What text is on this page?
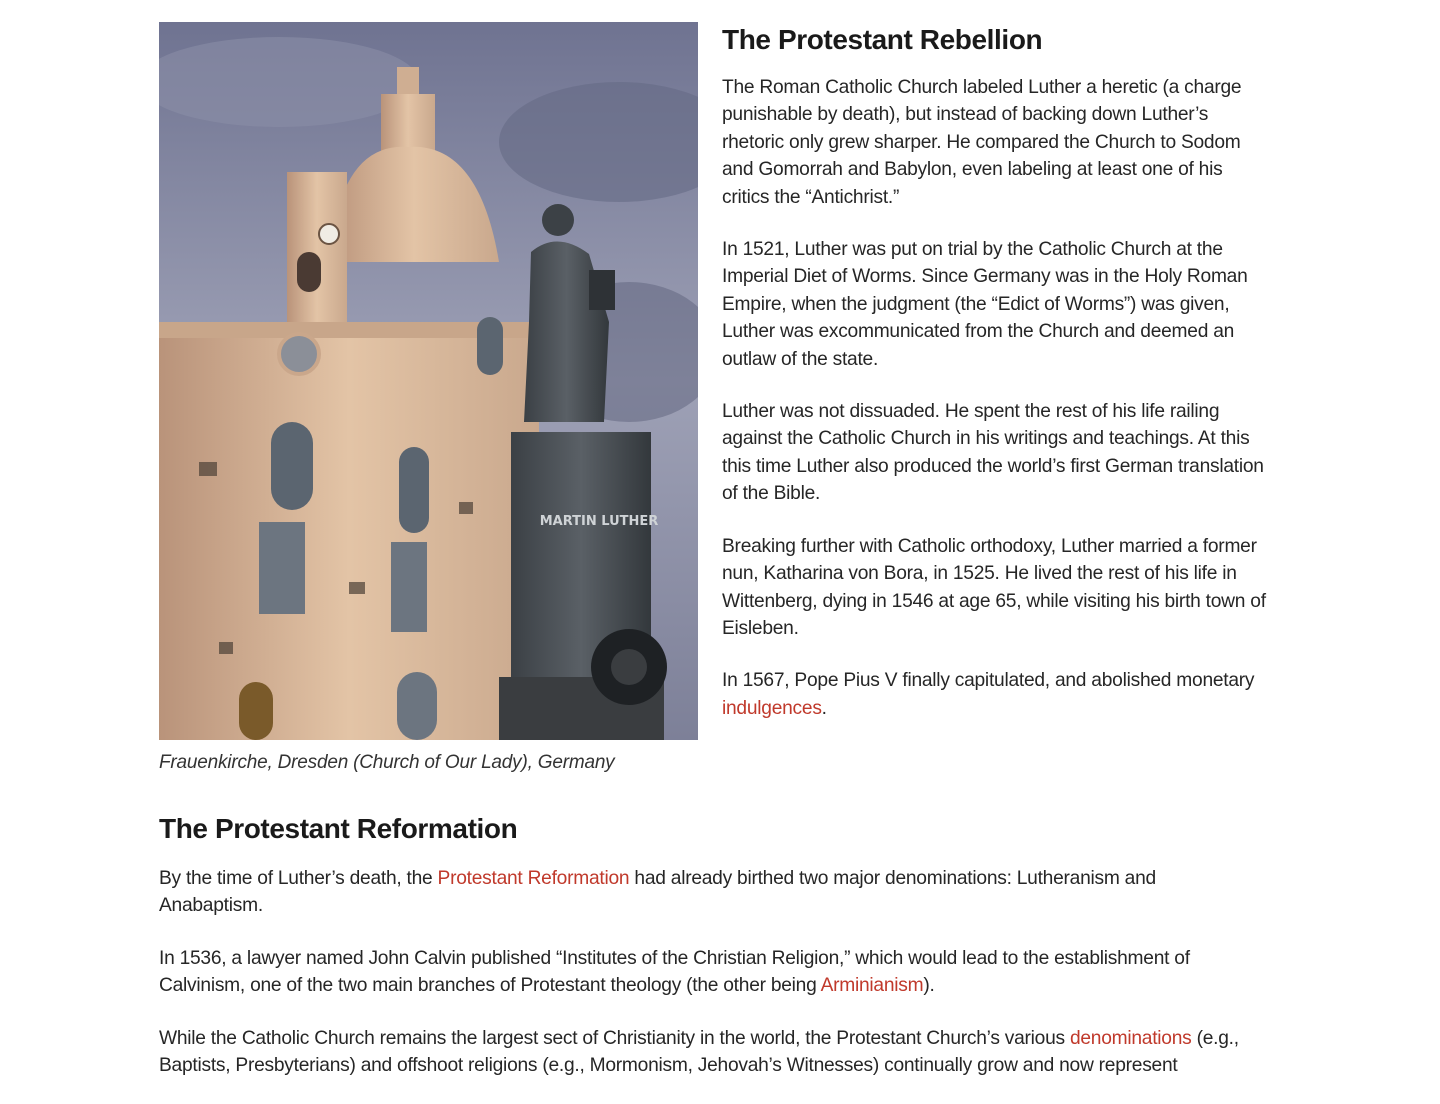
MARTIN LUTHER
Frauenkirche, Dresden (Church of Our Lady), Germany
The Protestant Rebellion

The Roman Catholic Church labeled Luther a heretic (a charge punishable by death), but instead of backing down Luther’s rhetoric only grew sharper. He compared the Church to Sodom and Gomorrah and Babylon, even labeling at least one of his critics the “Antichrist.”

In 1521, Luther was put on trial by the Catholic Church at the Imperial Diet of Worms. Since Germany was in the Holy Roman Empire, when the judgment (the “Edict of Worms”) was given, Luther was excommunicated from the Church and deemed an outlaw of the state.

Luther was not dissuaded. He spent the rest of his life railing against the Catholic Church in his writings and teachings. At this this time Luther also produced the world’s first German translation of the Bible.

Breaking further with Catholic orthodoxy, Luther married a former nun, Katharina von Bora, in 1525. He lived the rest of his life in Wittenberg, dying in 1546 at age 65, while visiting his birth town of Eisleben.

In 1567, Pope Pius V finally capitulated, and abolished monetary indulgences.

The Protestant Reformation

By the time of Luther’s death, the Protestant Reformation had already birthed two major denominations: Lutheranism and Anabaptism.

In 1536, a lawyer named John Calvin published “Institutes of the Christian Religion,” which would lead to the establishment of Calvinism, one of the two main branches of Protestant theology (the other being Arminianism).

While the Catholic Church remains the largest sect of Christianity in the world, the Protestant Church’s various denominations (e.g., Baptists, Presbyterians) and offshoot religions (e.g., Mormonism, Jehovah’s Witnesses) continually grow and now represent
